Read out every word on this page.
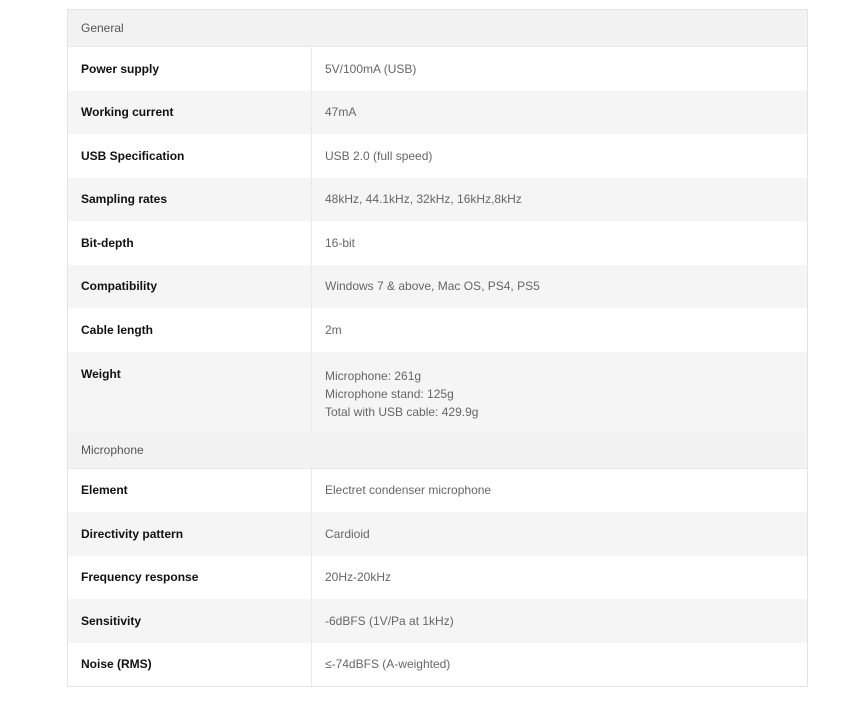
General
Power supply	5V/100mA (USB)
Working current	47mA
USB Specification	USB 2.0 (full speed)
Sampling rates	48kHz, 44.1kHz, 32kHz, 16kHz,8kHz
Bit-depth	16-bit
Compatibility	Windows 7 & above, Mac OS, PS4, PS5
Cable length	2m
Weight	Microphone: 261g
Microphone stand: 125g
Total with USB cable: 429.9g
Microphone
Element	Electret condenser microphone
Directivity pattern	Cardioid
Frequency response	20Hz-20kHz
Sensitivity	-6dBFS (1V/Pa at 1kHz)
Noise (RMS)	≤-74dBFS (A-weighted)
